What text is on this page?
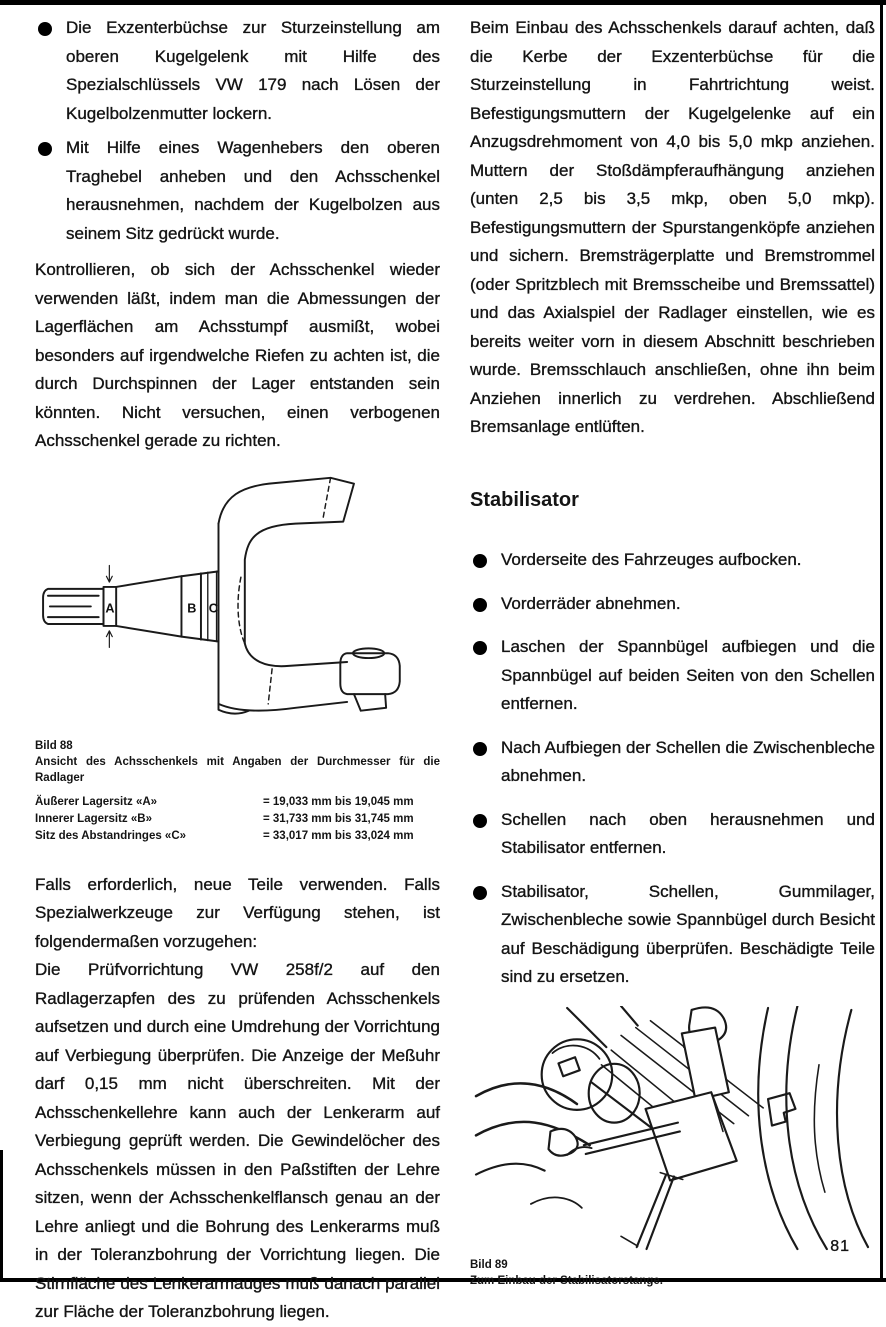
Die Exzenterbüchse zur Sturzeinstellung am oberen Kugelgelenk mit Hilfe des Spezialschlüssels VW 179 nach Lösen der Kugelbolzenmutter lockern.
Mit Hilfe eines Wagenhebers den oberen Traghebel anheben und den Achsschenkel herausnehmen, nachdem der Kugelbolzen aus seinem Sitz gedrückt wurde.

Kontrollieren, ob sich der Achsschenkel wieder verwenden läßt, indem man die Abmessungen der Lagerflächen am Achsstumpf ausmißt, wobei besonders auf irgendwelche Riefen zu achten ist, die durch Durchspinnen der Lager entstanden sein könnten. Nicht versuchen, einen verbogenen Achsschenkel gerade zu richten.

A	B C
Bild 88
Ansicht des Achsschenkels mit Angaben der Durchmesser für die Radlager
Äußerer Lagersitz «A»	= 19,033 mm bis 19,045 mm
Innerer Lagersitz «B»	= 31,733 mm bis 31,745 mm
Sitz des Abstandringes «C»	= 33,017 mm bis 33,024 mm

Falls erforderlich, neue Teile verwenden. Falls Spezialwerkzeuge zur Verfügung stehen, ist folgendermaßen vorzugehen:

Die Prüfvorrichtung VW 258f/2 auf den Radlagerzapfen des zu prüfenden Achsschenkels aufsetzen und durch eine Umdrehung der Vorrichtung auf Verbiegung überprüfen. Die Anzeige der Meßuhr darf 0,15 mm nicht überschreiten. Mit der Achsschenkellehre kann auch der Lenkerarm auf Verbiegung geprüft werden. Die Gewindelöcher des Achsschenkels müssen in den Paßstiften der Lehre sitzen, wenn der Achsschenkelflansch genau an der Lehre anliegt und die Bohrung des Lenkerarms muß in der Toleranzbohrung der Vorrichtung liegen. Die Stirnfläche des Lenkerarmauges muß danach parallel zur Fläche der Toleranzbohrung liegen.

Beim Einbau des Achsschenkels darauf achten, daß die Kerbe der Exzenterbüchse für die Sturzeinstellung in Fahrtrichtung weist. Befestigungsmuttern der Kugelgelenke auf ein Anzugsdrehmoment von 4,0 bis 5,0 mkp anziehen. Muttern der Stoßdämpferaufhängung anziehen (unten 2,5 bis 3,5 mkp, oben 5,0 mkp). Befestigungsmuttern der Spurstangenköpfe anziehen und sichern. Bremsträgerplatte und Bremstrommel (oder Spritzblech mit Bremsscheibe und Bremssattel) und das Axialspiel der Radlager einstellen, wie es bereits weiter vorn in diesem Abschnitt beschrieben wurde. Bremsschlauch anschließen, ohne ihn beim Anziehen innerlich zu verdrehen. Abschließend Bremsanlage entlüften.

Stabilisator
Vorderseite des Fahrzeuges aufbocken.
Vorderräder abnehmen.
Laschen der Spannbügel aufbiegen und die Spannbügel auf beiden Seiten von den Schellen entfernen.
Nach Aufbiegen der Schellen die Zwischenbleche abnehmen.
Schellen nach oben herausnehmen und Stabilisator entfernen.
Stabilisator, Schellen, Gummilager, Zwischenbleche sowie Spannbügel durch Besicht auf Beschädigung überprüfen. Beschädigte Teile sind zu ersetzen.
Bild 89
Zum Einbau der Stabilisatorstange.
81
